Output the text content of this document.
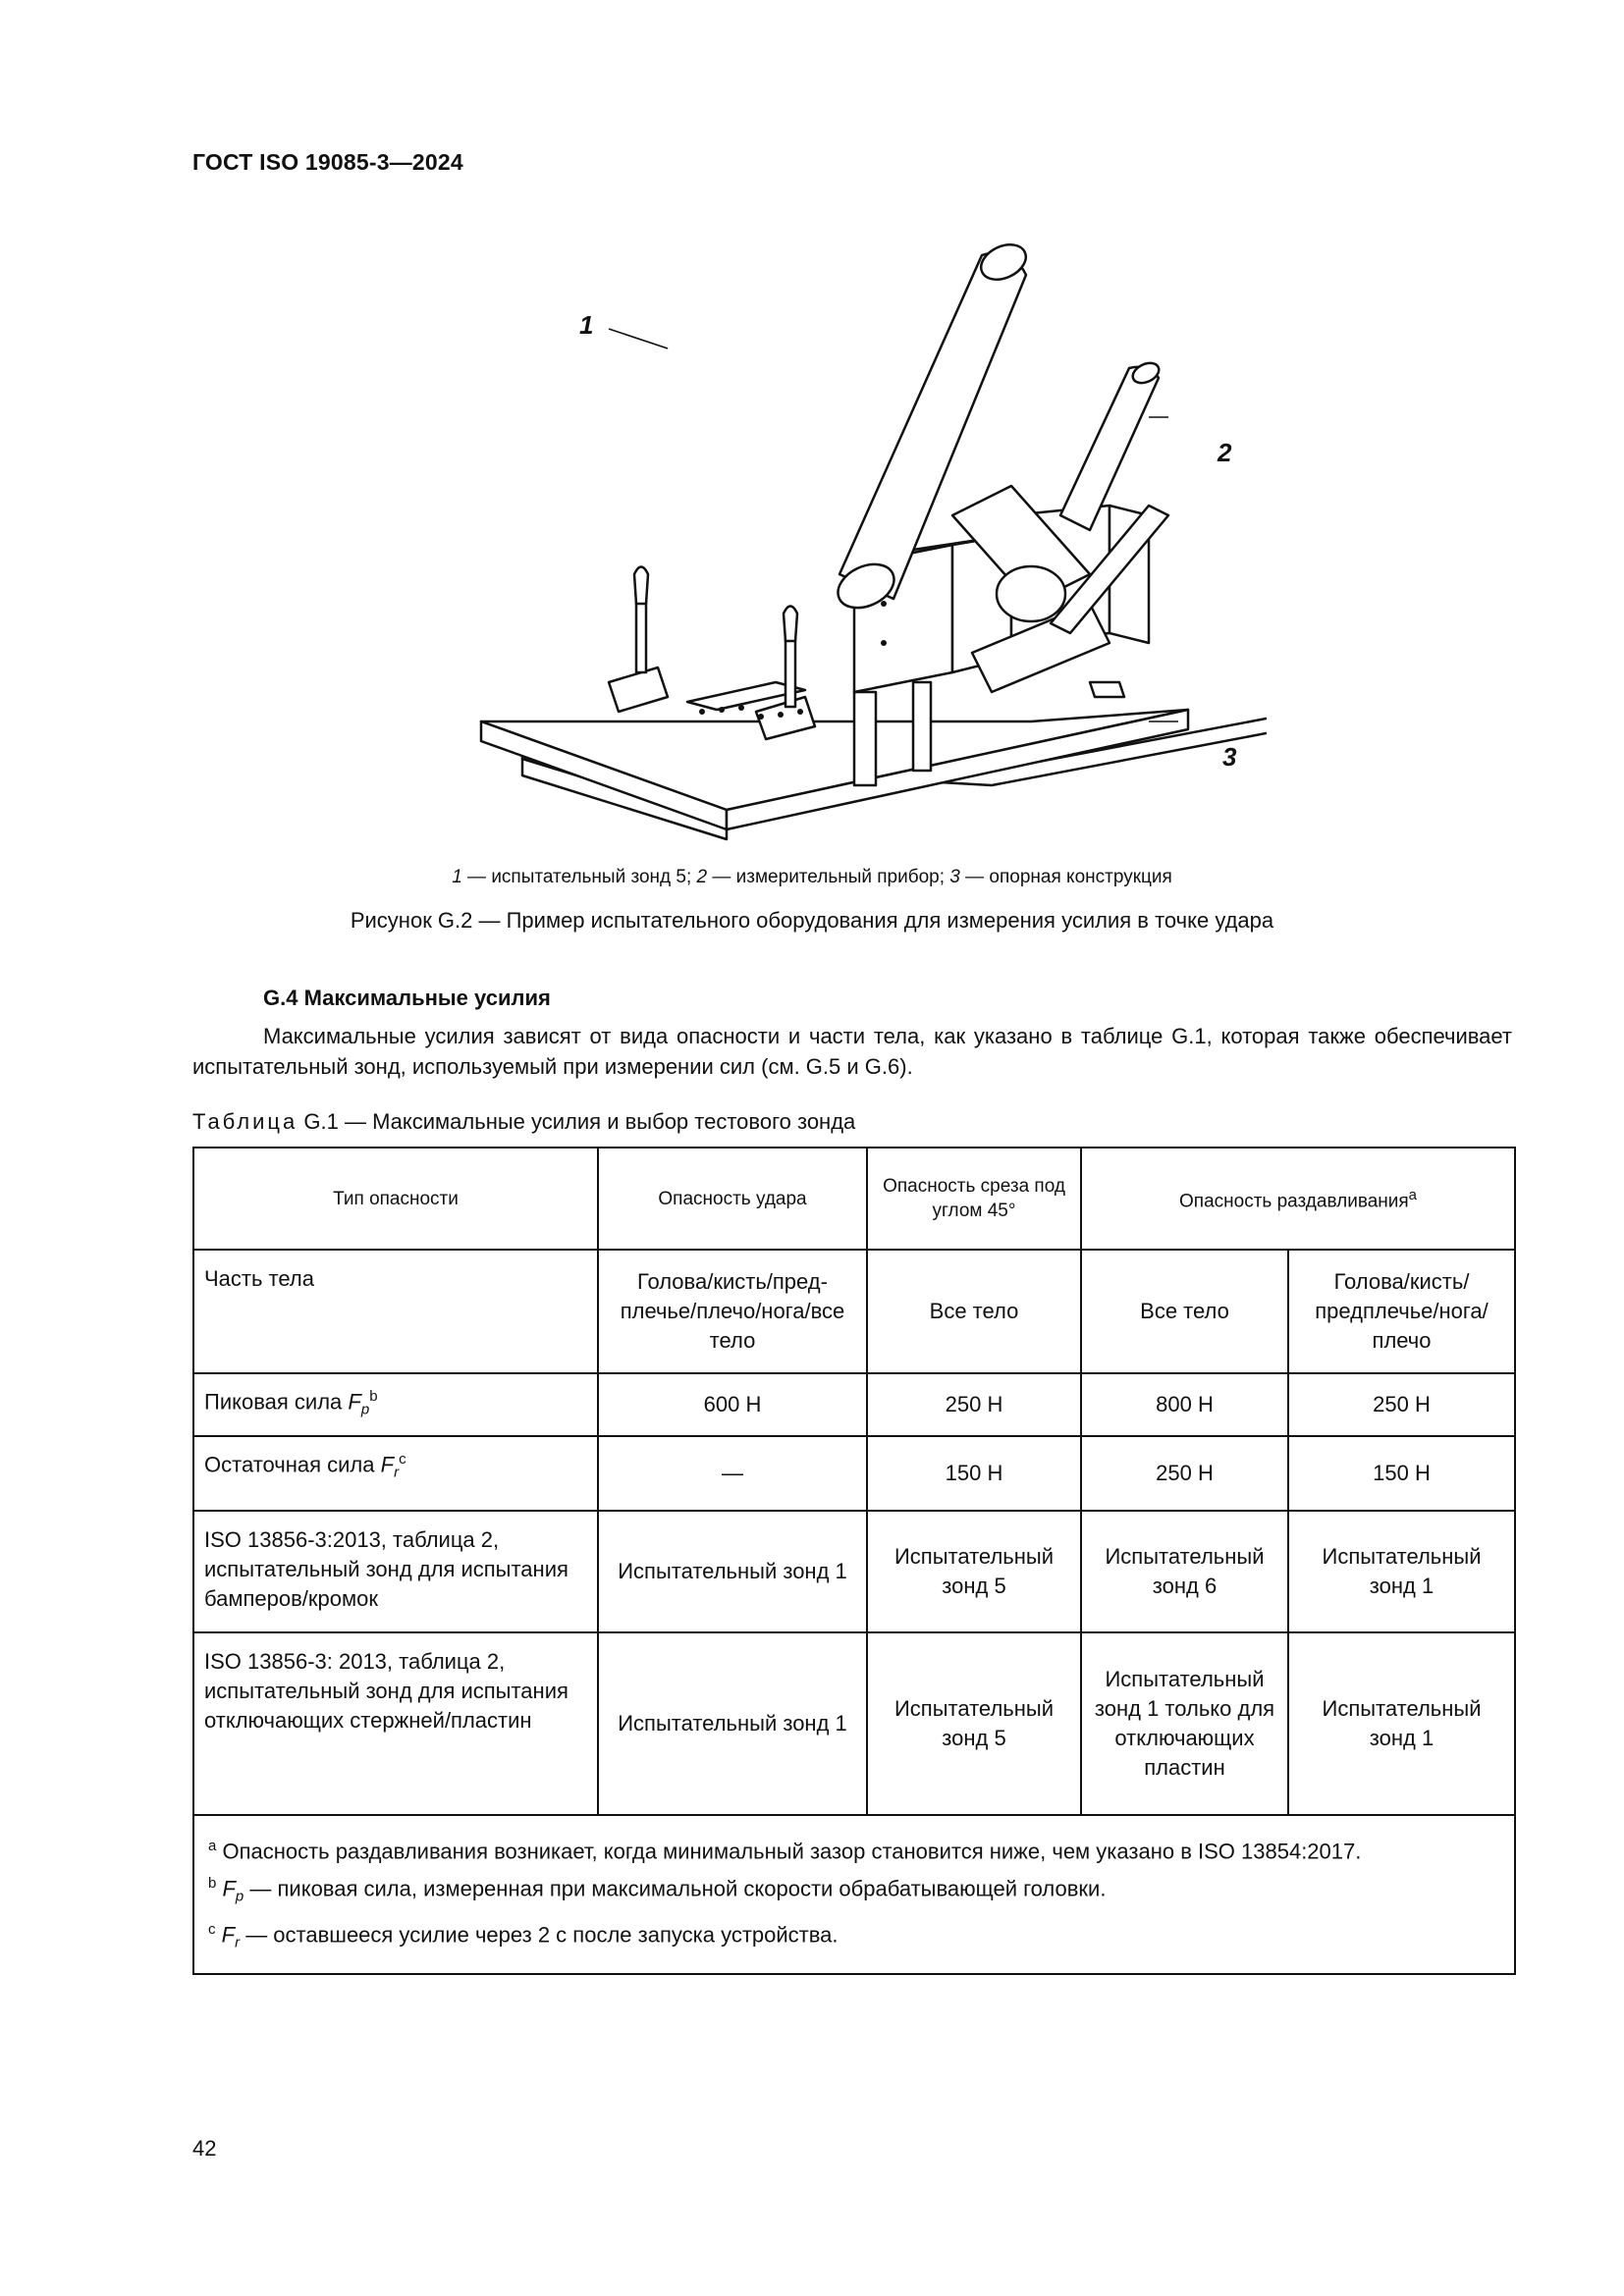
ГОСТ ISO 19085-3—2024
1
2
3
1 — испытательный зонд 5; 2 — измерительный прибор; 3 — опорная конструкция
Рисунок G.2 — Пример испытательного оборудования для измерения усилия в точке удара
G.4 Максимальные усилия
Максимальные усилия зависят от вида опасности и части тела, как указано в таблице G.1, которая также обеспечивает испытательный зонд, используемый при измерении сил (см. G.5 и G.6).
Таблица G.1 — Максимальные усилия и выбор тестового зонда
Тип опасности	Опасность удара	Опасность среза под углом 45°	Опасность раздавливания$^a$
Часть тела	Голова/кисть/пред-плечье/плечо/нога/все тело	Все тело	Все тело	Голова/кисть/предплечье/нога/плечо
Пиковая сила $F_p^b$	600 Н	250 Н	800 Н	250 Н
Остаточная сила $F_r^c$	—	150 Н	250 Н	150 Н
ISO 13856-3:2013, таблица 2, испытательный зонд для испытания бамперов/кромок	Испытательный зонд 1	Испытательный зонд 5	Испытательный зонд 6	Испытательный зонд 1
ISO 13856-3: 2013, таблица 2, испытательный зонд для испытания отключающих стержней/пластин	Испытательный зонд 1	Испытательный зонд 5	Испытательный зонд 1 только для отключающих пластин	Испытательный зонд 1

$^a$ Опасность раздавливания возникает, когда минимальный зазор становится ниже, чем указано в ISO 13854:2017.
$^b$ $F_p$ — пиковая сила, измеренная при максимальной скорости обрабатывающей головки.
$^c$ $F_r$ — оставшееся усилие через 2 с после запуска устройства.				
42
